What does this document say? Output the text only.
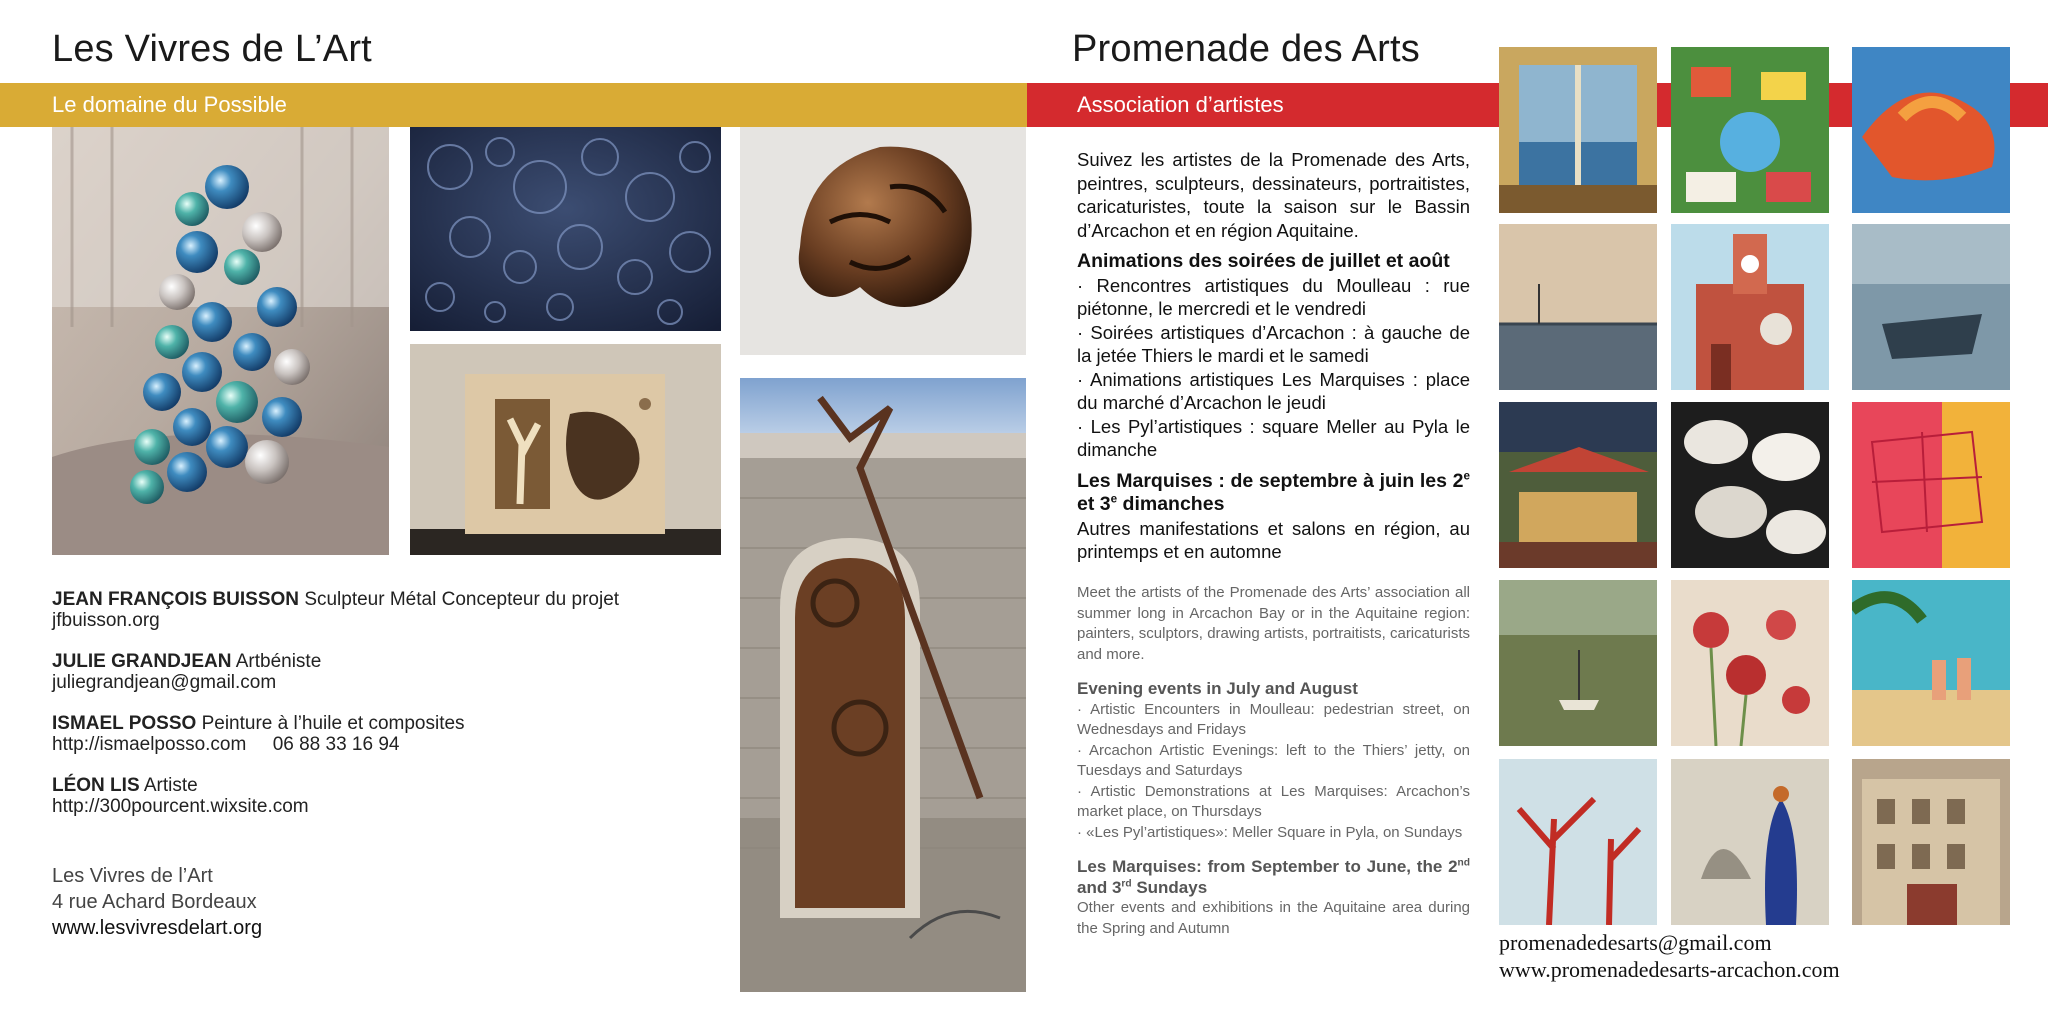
Les Vivres de L’Art
Le domaine du Possible
JEAN FRANÇOIS BUISSON Sculpteur Métal Concepteur du projet
jfbuisson.org
JULIE GRANDJEAN Artbéniste
juliegrandjean@gmail.com
ISMAEL POSSO Peinture à l’huile et composites
http://ismaelposso.com     06 88 33 16 94
LÉON LIS Artiste
http://300pourcent.wixsite.com
Les Vivres de l’Art
4 rue Achard Bordeaux
www.lesvivresdelart.org
Promenade des Arts
Association d’artistes

Suivez les artistes de la Promenade des Arts, peintres, sculpteurs, dessinateurs, portraitistes, caricaturistes, toute la saison sur le Bassin d’Arcachon et en région Aquitaine.

Animations des soirées de juillet et août

· Rencontres artistiques du Moulleau : rue piétonne, le mercredi et le vendredi

· Soirées artistiques d’Arcachon : à gauche de la jetée Thiers le mardi et le samedi

· Animations artistiques Les Marquises : place du marché d’Arcachon le jeudi

· Les Pyl’artistiques : square Meller au Pyla le dimanche

Les Marquises : de septembre à juin les 2e et 3e dimanches

Autres manifestations et salons en région, au printemps et en automne

Meet the artists of the Promenade des Arts’ association all summer long in Arcachon Bay or in the Aquitaine region: painters, sculptors, drawing artists, portraitists, caricaturists and more.

Evening events in July and August

· Artistic Encounters in Moulleau: pedestrian street, on Wednesdays and Fridays

· Arcachon Artistic Evenings: left to the Thiers’ jetty, on Tuesdays and Saturdays

· Artistic Demonstrations at Les Marquises: Arcachon’s market place, on Thursdays

· «Les Pyl’artistiques»: Meller Square in Pyla, on Sundays

Les Marquises: from September to June, the 2nd and 3rd Sundays

Other events and exhibitions in the Aquitaine area during the Spring and Autumn

promenadedesarts@gmail.com
www.promenadedesarts-arcachon.com
